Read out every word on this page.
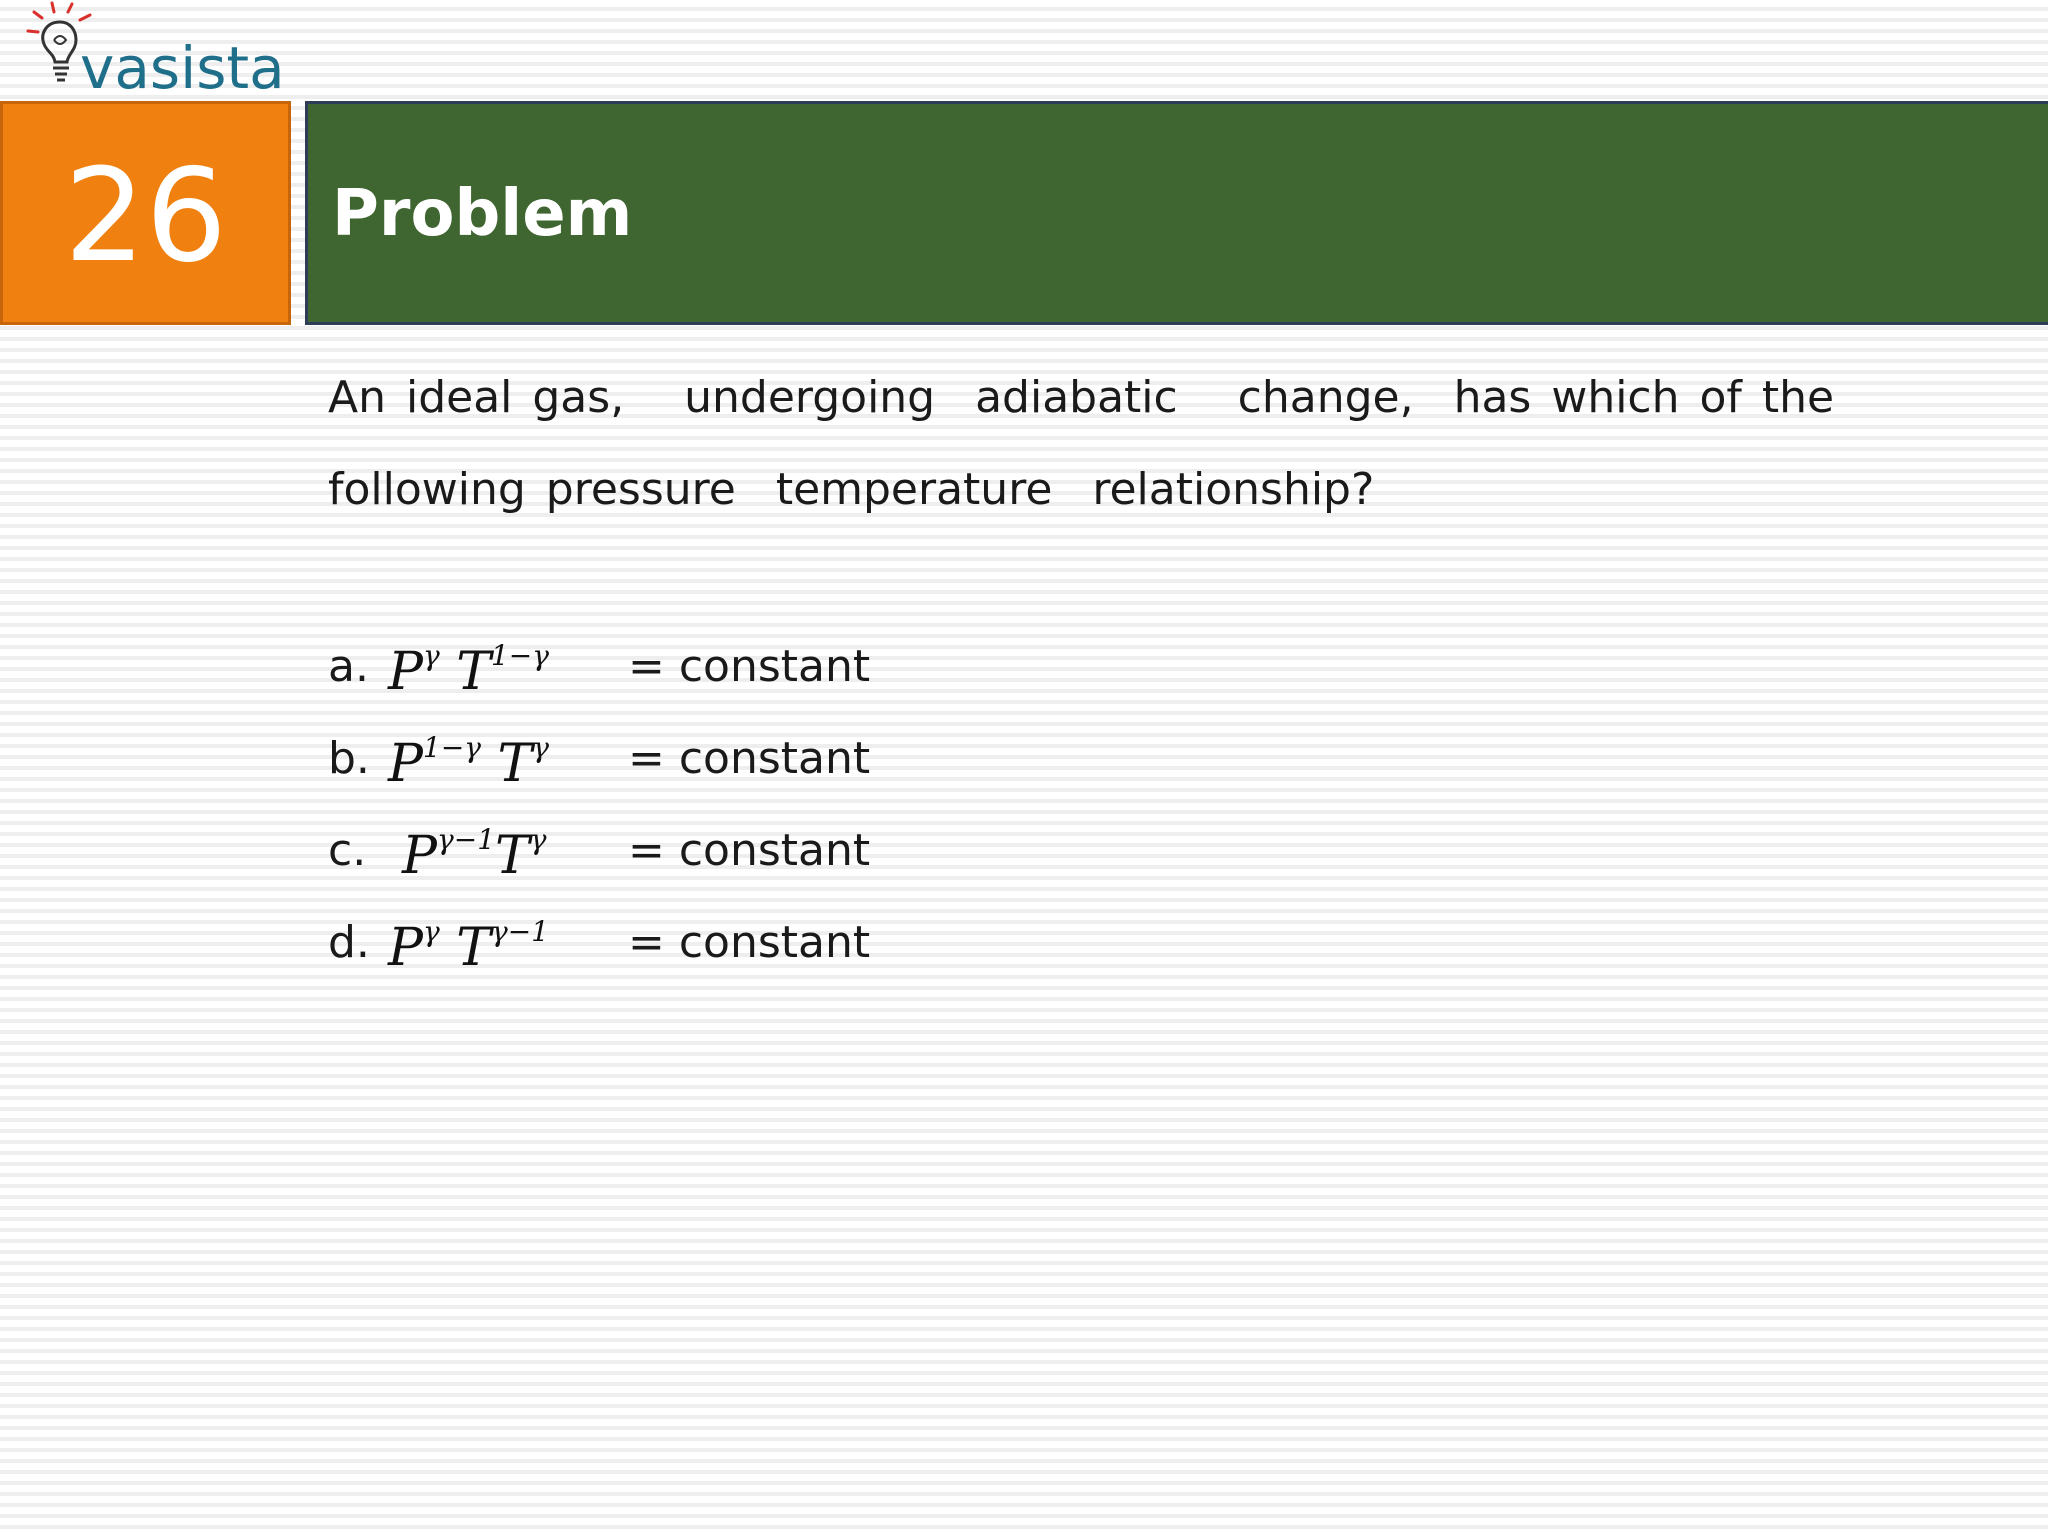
vasista
26 Problem
An ideal gas,   undergoing  adiabatic   change,  has which of the following pressure  temperature  relationship?
a. $P^\gamma$ $T^{1-\gamma}$	= constant
b. $P^{1-\gamma}$ $T^\gamma$	= constant
c. $P^{\gamma-1}T^\gamma$	= constant
d. $P^\gamma$ $T^{\gamma-1}$	= constant
